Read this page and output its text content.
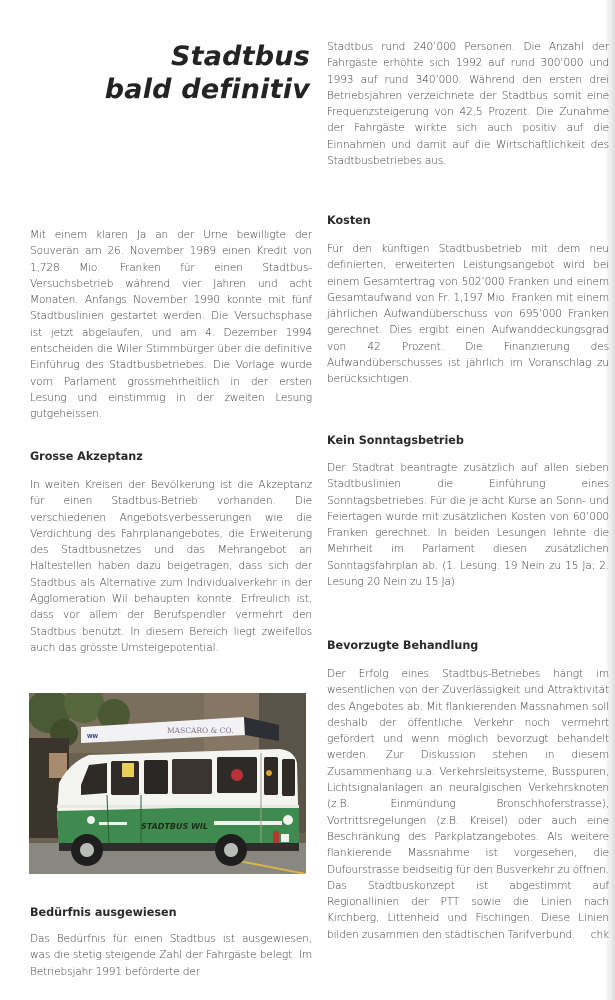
Stadtbus
bald definitiv

Mit einem klaren Ja an der Urne bewilligte der Souverän am 26. November 1989 einen Kredit von 1,728 Mio. Franken für einen Stadtbus-Versuchsbetrieb während vier Jahren und acht Monaten. Anfangs November 1990 konnte mit fünf Stadtbuslinien gestartet werden. Die Versuchsphase ist jetzt abgelaufen, und am 4. Dezember 1994 entscheiden die Wiler Stimmbürger über die definitive Einführug des Stadtbusbetriebes. Die Vorlage wurde vom Parlament grossmehrheitlich in der ersten Lesung und einstimmig in der zweiten Lesung gutgeheissen.

Grosse Akzeptanz

In weiten Kreisen der Bevölkerung ist die Akzeptanz für einen Stadtbus-Betrieb vorhanden. Die verschiedenen Angebotsverbesserungen wie die Verdichtung des Fahrplanangebotes, die Erweiterung des Stadtbusnetzes und das Mehrangebot an Haltestellen haben dazu beigetragen, dass sich der Stadtbus als Alternative zum Individualverkehr in der Agglomeration Wil behaupten konnte. Erfreulich ist, dass vor allem der Berufspendler vermehrt den Stadtbus benützt. In diesem Bereich liegt zweifellos auch das grösste Umsteigepotential.

MASCARO & CO.
WW
STADTBUS WIL
Bedürfnis ausgewiesen

Das Bedürfnis für einen Stadtbus ist ausgewiesen, was die stetig steigende Zahl der Fahrgäste belegt. Im Betriebsjahr 1991 beförderte der

Stadtbus rund 240’000 Personen. Die Anzahl der Fahrgäste erhöhte sich 1992 auf rund 300’000 und 1993 auf rund 340’000. Während den ersten drei Betriebsjahren verzeichnete der Stadtbus somit eine Frequenzsteigerung von 42,5 Prozent. Die Zunahme der Fahrgäste wirkte sich auch positiv auf die Einnahmen und damit auf die Wirtschaftlichkeit des Stadtbusbetriebes aus.

Kosten

Für den künftigen Stadtbusbetrieb mit dem neu definierten, erweiterten Leistungsangebot wird bei einem Gesamtertrag von 502’000 Franken und einem Gesamtaufwand von Fr. 1,197 Mio. Franken mit einem jährlichen Aufwandüberschuss von 695’000 Franken gerechnet. Dies ergibt einen Aufwanddeckungsgrad von 42 Prozent. Die Finanzierung des Aufwandüberschusses ist jährlich im Voranschlag zu berücksichtigen.

Kein Sonntagsbetrieb

Der Stadtrat beantragte zusätzlich auf allen sieben Stadtbuslinien die Einführung eines Sonntagsbetriebes. Für die je acht Kurse an Sonn- und Feiertagen wurde mit zusätzlichen Kosten von 60’000 Franken gerechnet. In beiden Lesungen lehnte die Mehrheit im Parlament diesen zusätzlichen Sonntagsfahrplan ab. (1. Lesung: 19 Nein zu 15 Ja; 2. Lesung 20 Nein zu 15 Ja)

Bevorzugte Behandlung

Der Erfolg eines Stadtbus-Betriebes hängt im wesentlichen von der Zuverlässigkeit und Attraktivität des Angebotes ab. Mit flankierenden Massnahmen soll deshalb der öffentliche Verkehr noch vermehrt gefördert und wenn möglich bevorzugt behandelt werden. Zur Diskussion stehen in diesem Zusammenhang u.a. Verkehrsleitsysteme, Busspuren, Lichtsignalanlagen an neuralgischen Verkehrsknoten (z.B. Einmündung Bronschhoferstrasse), Vortrittsregelungen (z.B. Kreisel) oder auch eine Beschränkung des Parkplatzangebotes. Als weitere flankierende Massnahme ist vorgesehen, die Dufourstrasse beidseitig für den Busverkehr zu öffnen. Das Stadtbuskonzept ist abgestimmt auf Regionallinien der PTT sowie die Linien nach Kirchberg, Littenheid und Fischingen. Diese Linien bilden zusammen den städtischen Tarifverbund.	chk
